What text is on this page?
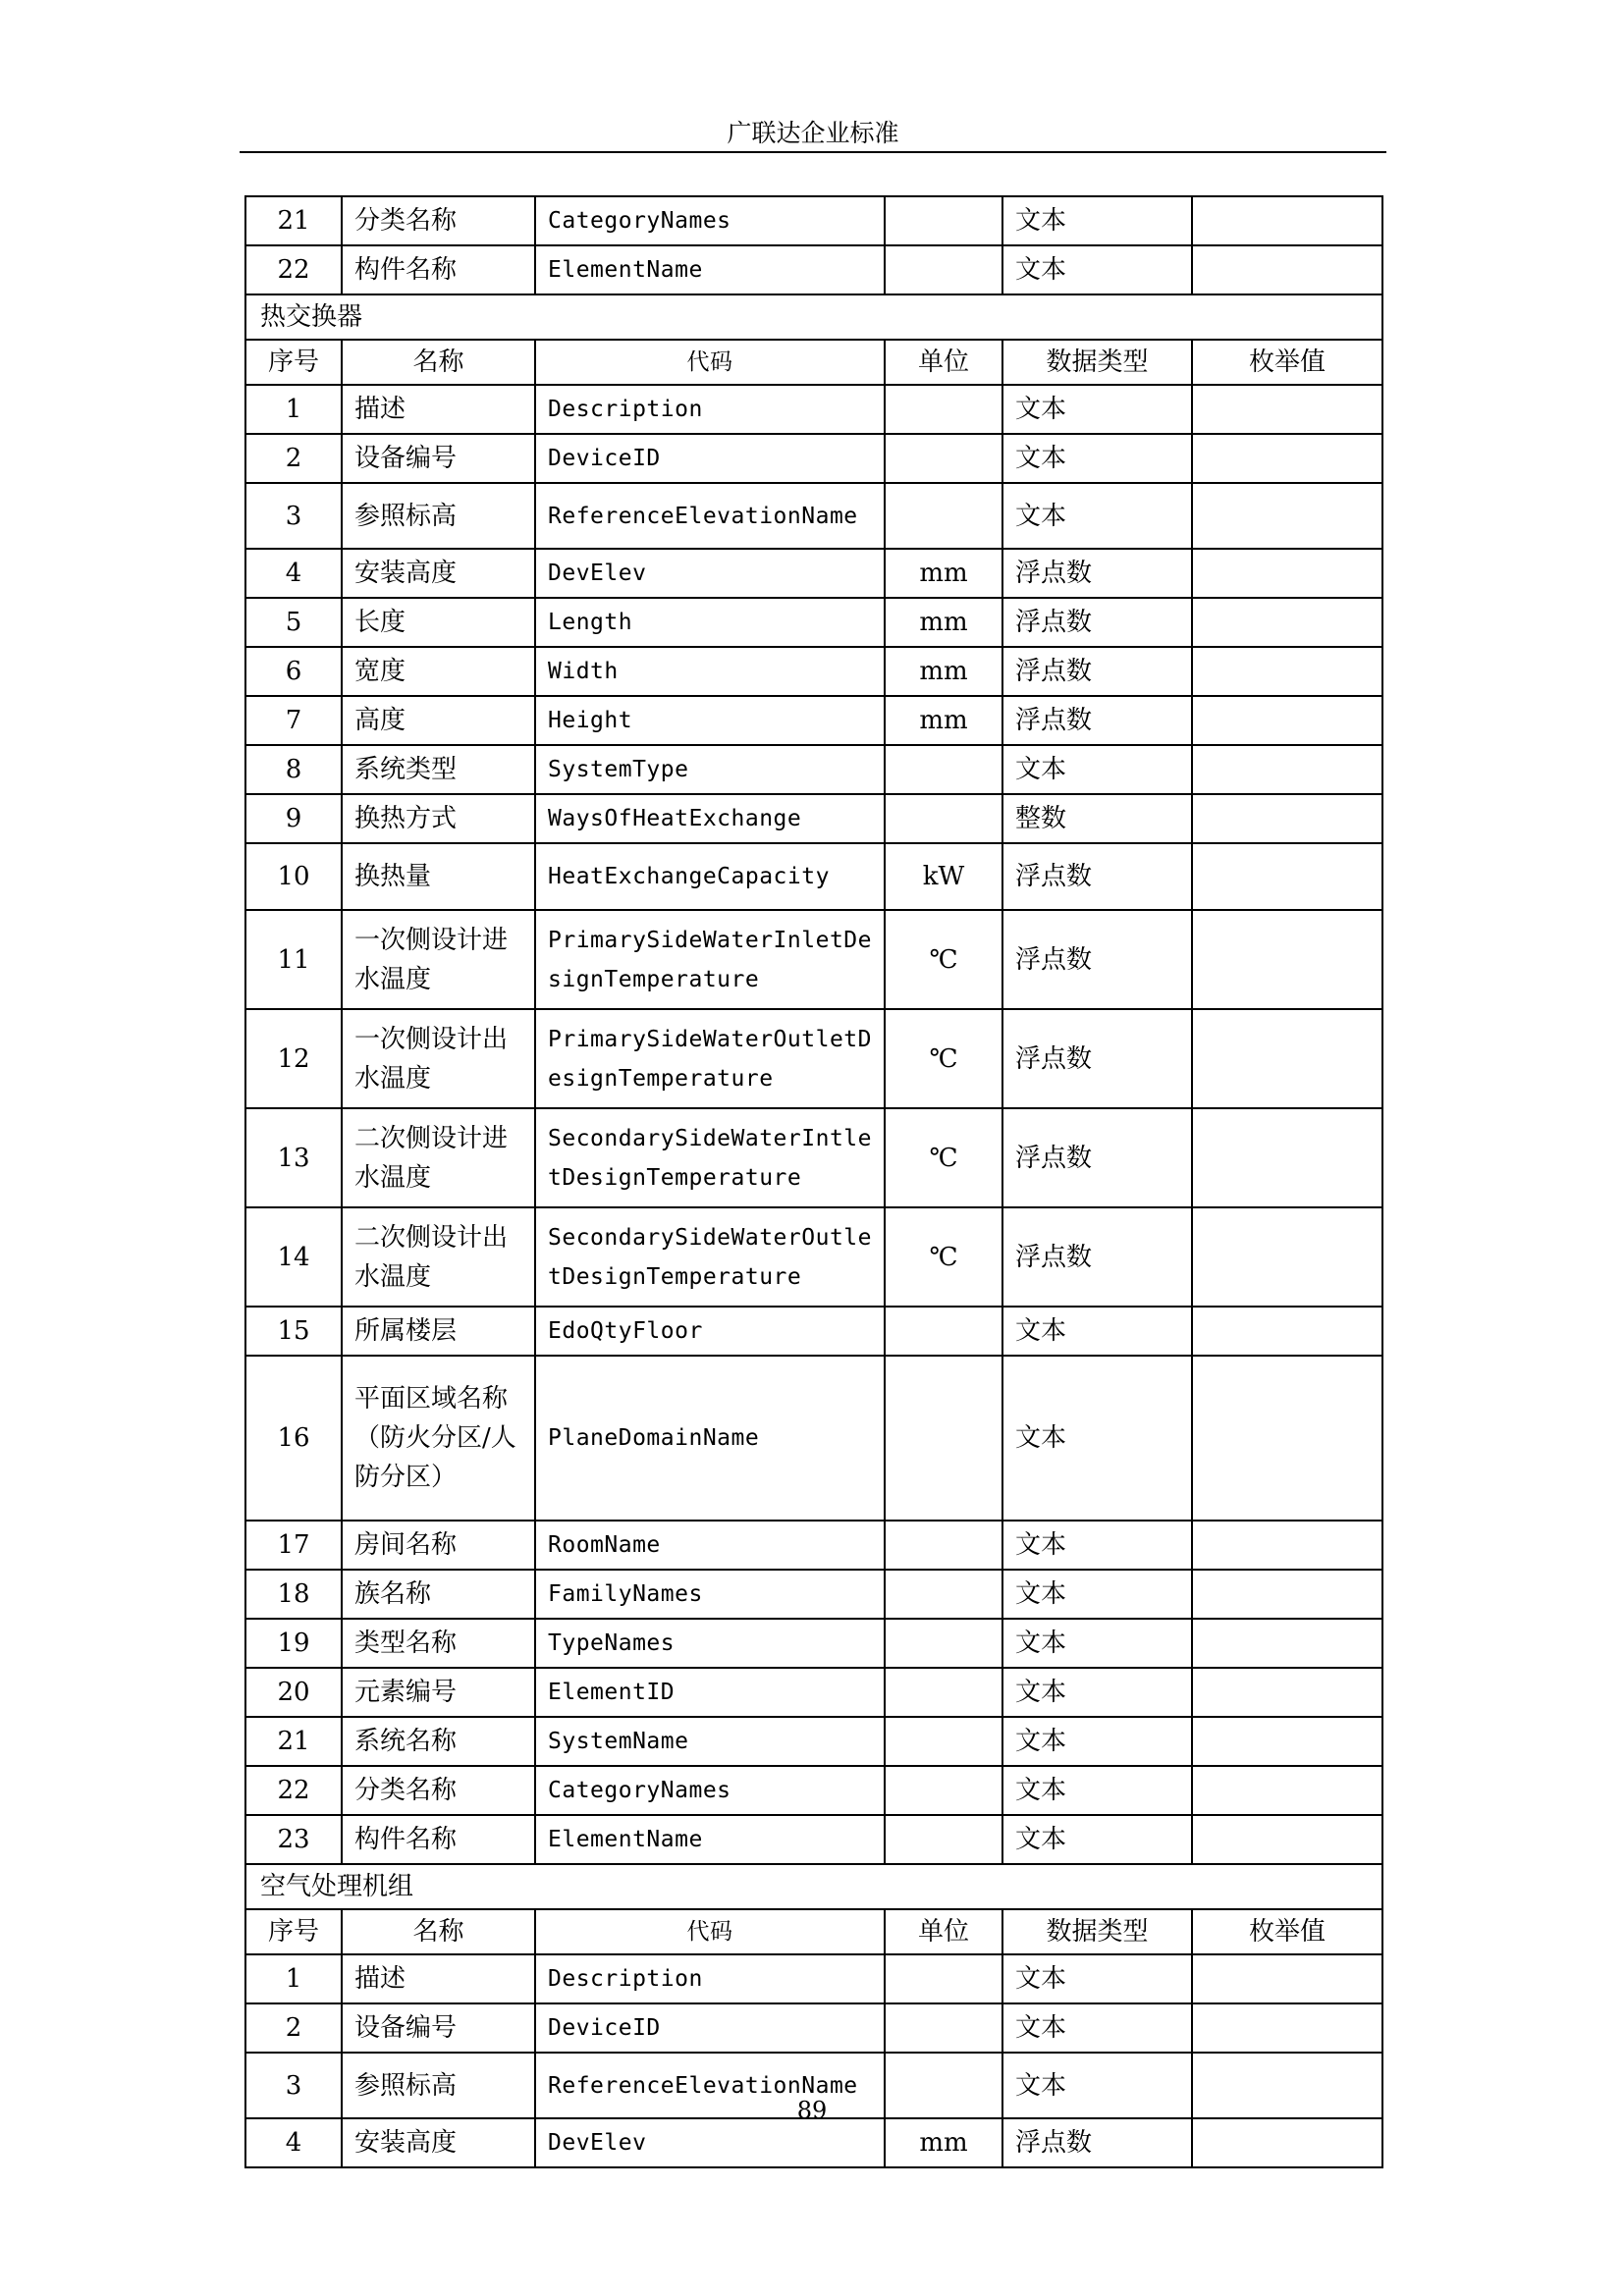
广联达企业标准
21	分类名称	CategoryNames		文本	
22	构件名称	ElementName		文本	
热交换器					
序号	名称	代码	单位	数据类型	枚举值
1	描述	Description		文本	
2	设备编号	DeviceID		文本	
3	参照标高	ReferenceElevationName		文本	
4	安装高度	DevElev	mm	浮点数	
5	长度	Length	mm	浮点数	
6	宽度	Width	mm	浮点数	
7	高度	Height	mm	浮点数	
8	系统类型	SystemType		文本	
9	换热方式	WaysOfHeatExchange		整数	
10	换热量	HeatExchangeCapacity	kW	浮点数	
11	一次侧设计进水温度	PrimarySideWaterInletDesignTemperature	℃	浮点数	
12	一次侧设计出水温度	PrimarySideWaterOutletDesignTemperature	℃	浮点数	
13	二次侧设计进水温度	SecondarySideWaterIntletDesignTemperature	℃	浮点数	
14	二次侧设计出水温度	SecondarySideWaterOutletDesignTemperature	℃	浮点数	
15	所属楼层	EdoQtyFloor		文本	
16	平面区域名称（防火分区/人防分区）	PlaneDomainName		文本	
17	房间名称	RoomName		文本	
18	族名称	FamilyNames		文本	
19	类型名称	TypeNames		文本	
20	元素编号	ElementID		文本	
21	系统名称	SystemName		文本	
22	分类名称	CategoryNames		文本	
23	构件名称	ElementName		文本	
空气处理机组					
序号	名称	代码	单位	数据类型	枚举值
1	描述	Description		文本	
2	设备编号	DeviceID		文本	
3	参照标高	ReferenceElevationName		文本	
4	安装高度	DevElev	mm	浮点数	
89
